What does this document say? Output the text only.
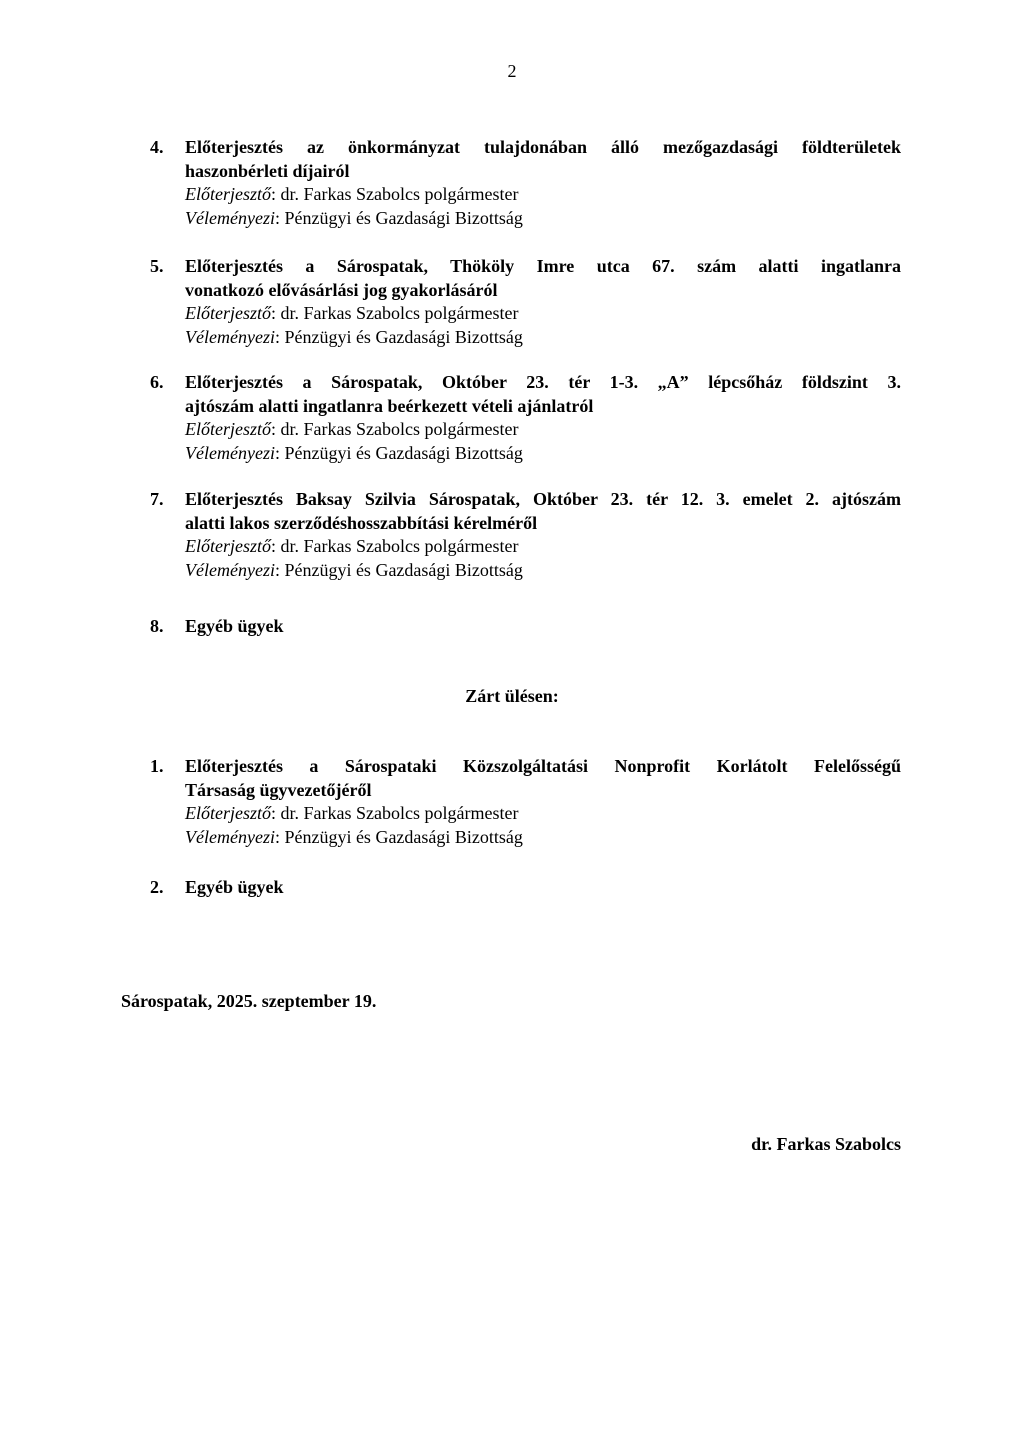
2
4.	Előterjesztés az önkormányzat tulajdonában álló mezőgazdasági földterületek
haszonbérleti díjairól
Előterjesztő: dr. Farkas Szabolcs polgármester
Véleményezi: Pénzügyi és Gazdasági Bizottság
5.	Előterjesztés a Sárospatak, Thököly Imre utca 67. szám alatti ingatlanra
vonatkozó elővásárlási jog gyakorlásáról
Előterjesztő: dr. Farkas Szabolcs polgármester
Véleményezi: Pénzügyi és Gazdasági Bizottság
6.	Előterjesztés a Sárospatak, Október 23. tér 1-3. „A” lépcsőház földszint 3.
ajtószám alatti ingatlanra beérkezett vételi ajánlatról
Előterjesztő: dr. Farkas Szabolcs polgármester
Véleményezi: Pénzügyi és Gazdasági Bizottság
7.	Előterjesztés Baksay Szilvia Sárospatak, Október 23. tér 12. 3. emelet 2. ajtószám
alatti lakos szerződéshosszabbítási kérelméről
Előterjesztő: dr. Farkas Szabolcs polgármester
Véleményezi: Pénzügyi és Gazdasági Bizottság
8.	Egyéb ügyek
Zárt ülésen:
1.	Előterjesztés a Sárospataki Közszolgáltatási Nonprofit Korlátolt Felelősségű
Társaság ügyvezetőjéről
Előterjesztő: dr. Farkas Szabolcs polgármester
Véleményezi: Pénzügyi és Gazdasági Bizottság
2.	Egyéb ügyek
Sárospatak, 2025. szeptember 19.
dr. Farkas Szabolcs
